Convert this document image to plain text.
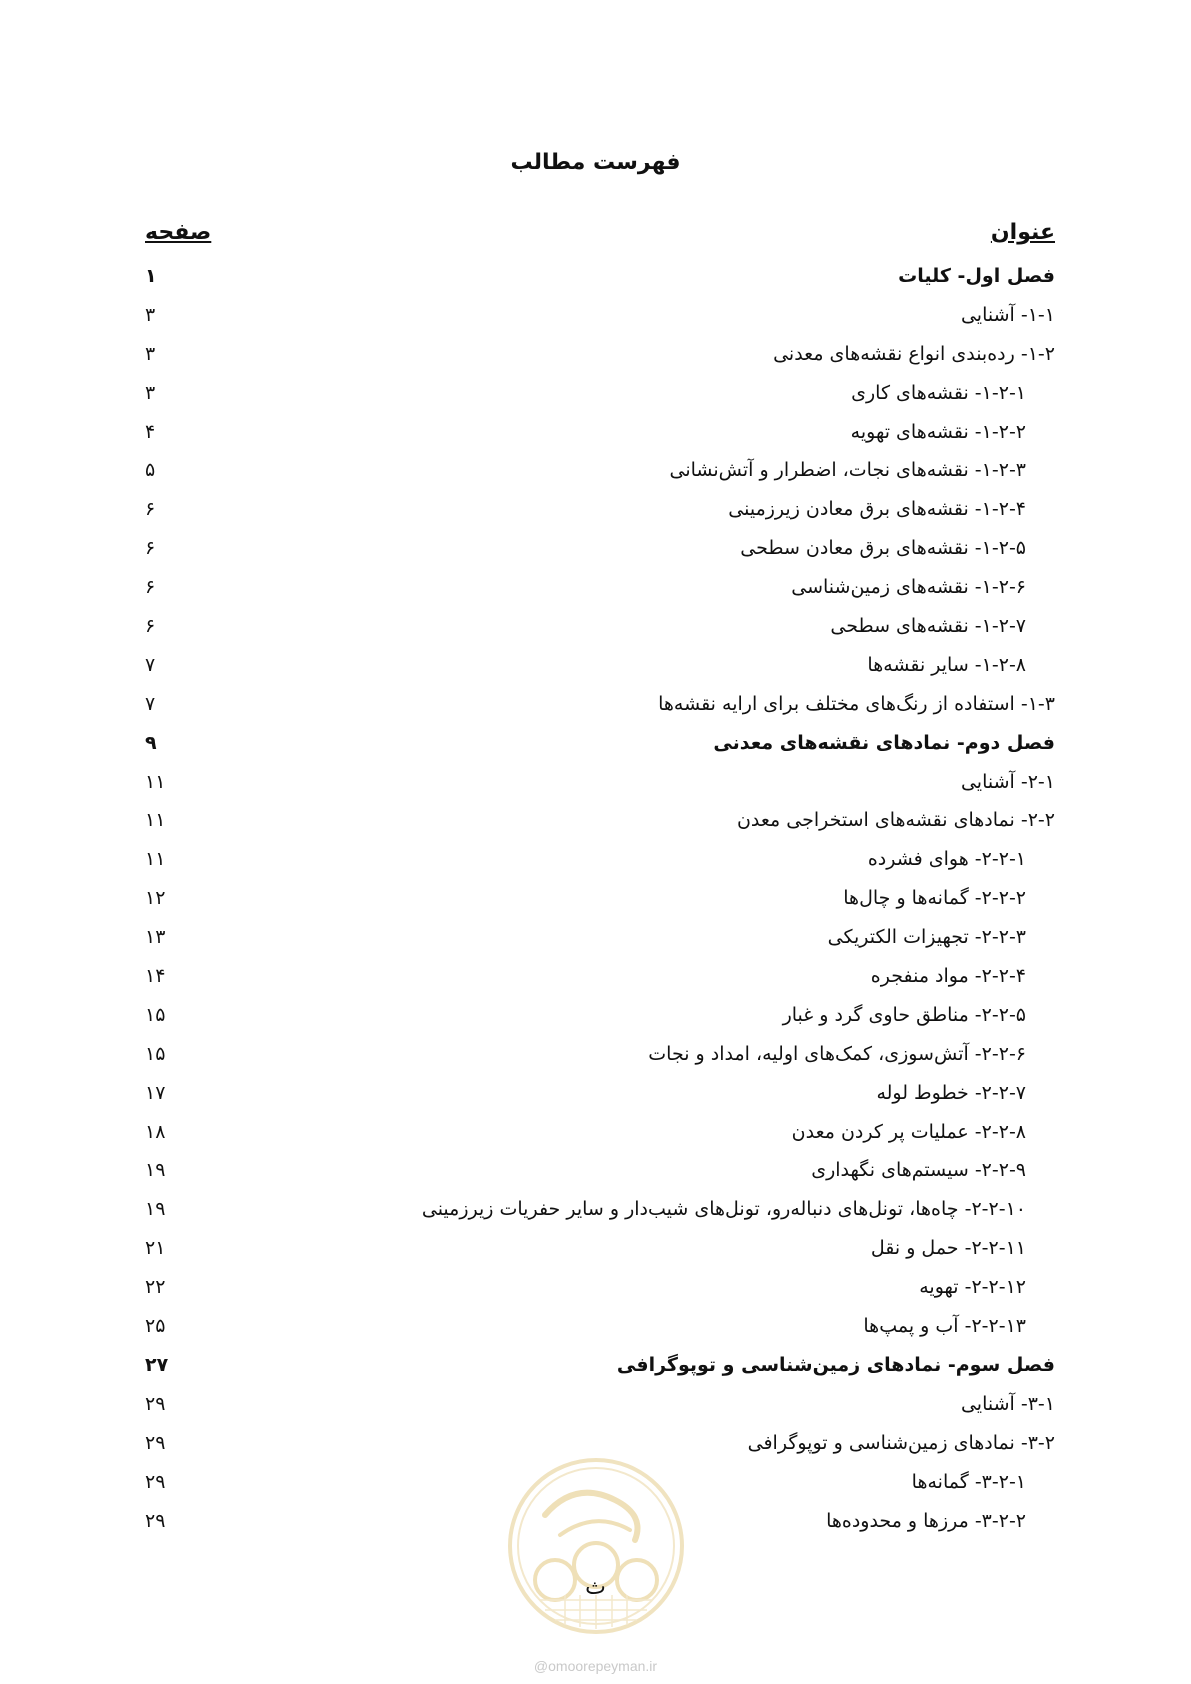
فهرست مطالب
عنوان
صفحه
فصل اول- کلیات
۱
۱-۱- آشنایی
۳
۱-۲- رده‌بندی انواع نقشه‌های معدنی
۳
۱-۲-۱- نقشه‌های کاری
۳
۱-۲-۲- نقشه‌های تهویه
۴
۱-۲-۳- نقشه‌های نجات، اضطرار و آتش‌نشانی
۵
۱-۲-۴- نقشه‌های برق معادن زیرزمینی
۶
۱-۲-۵- نقشه‌های برق معادن سطحی
۶
۱-۲-۶- نقشه‌های زمین‌شناسی
۶
۱-۲-۷- نقشه‌های سطحی
۶
۱-۲-۸- سایر نقشه‌ها
۷
۱-۳- استفاده از رنگ‌های مختلف برای ارایه نقشه‌ها
۷
فصل دوم- نمادهای نقشه‌های معدنی
۹
۲-۱- آشنایی
۱۱
۲-۲- نمادهای نقشه‌های استخراجی معدن
۱۱
۲-۲-۱- هوای فشرده
۱۱
۲-۲-۲- گمانه‌ها و چال‌ها
۱۲
۲-۲-۳- تجهیزات الکتریکی
۱۳
۲-۲-۴- مواد منفجره
۱۴
۲-۲-۵- مناطق حاوی گرد و غبار
۱۵
۲-۲-۶- آتش‌سوزی، کمک‌های اولیه، امداد و نجات
۱۵
۲-۲-۷- خطوط لوله
۱۷
۲-۲-۸- عملیات پر کردن معدن
۱۸
۲-۲-۹- سیستم‌های نگهداری
۱۹
۲-۲-۱۰- چاه‌ها، تونل‌های دنباله‌رو، تونل‌های شیب‌دار و سایر حفریات زیرزمینی
۱۹
۲-۲-۱۱- حمل و نقل
۲۱
۲-۲-۱۲- تهویه
۲۲
۲-۲-۱۳- آب و پمپ‌ها
۲۵
فصل سوم- نمادهای زمین‌شناسی و توپوگرافی
۲۷
۳-۱- آشنایی
۲۹
۳-۲- نمادهای زمین‌شناسی و توپوگرافی
۲۹
۳-۲-۱- گمانه‌ها
۲۹
۳-۲-۲- مرزها و محدوده‌ها
۲۹
ث
@omoorepeyman.ir
